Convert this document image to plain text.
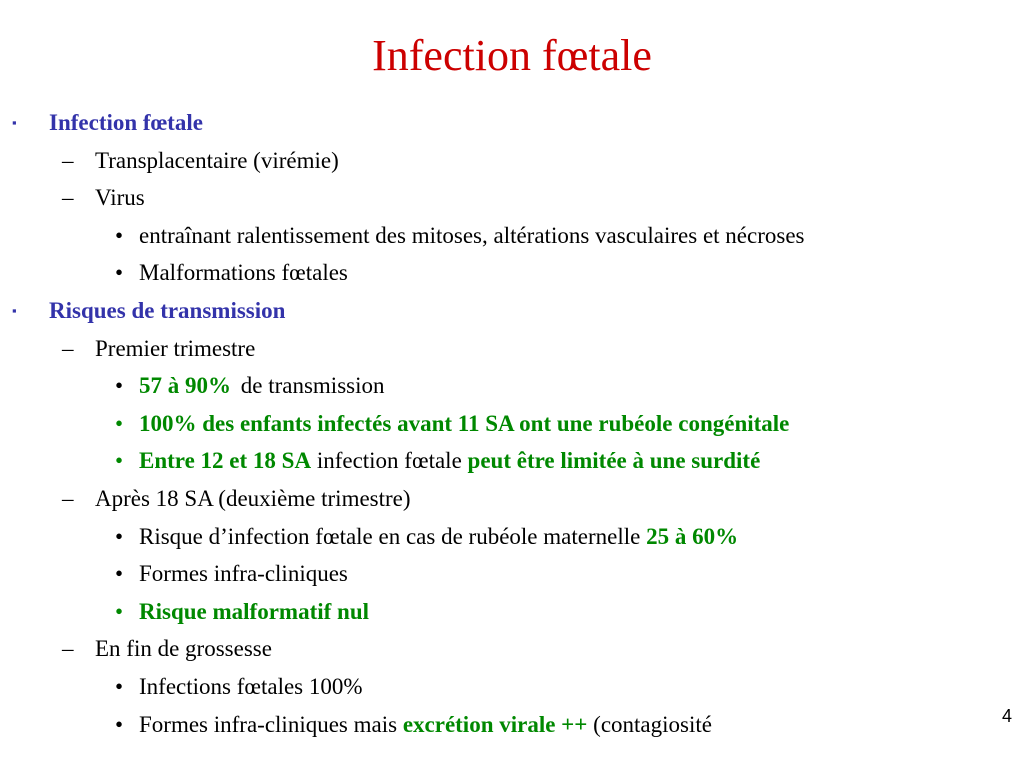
Infection fœtale
▪ Infection fœtale
– Transplacentaire (virémie)
– Virus
• entraînant ralentissement des mitoses, altérations vasculaires et nécroses
• Malformations fœtales
▪ Risques de transmission
– Premier trimestre
• 57 à 90% de transmission
• 100% des enfants infectés avant 11 SA ont une rubéole congénitale
• Entre 12 et 18 SA infection fœtale peut être limitée à une surdité
– Après 18 SA (deuxième trimestre)
• Risque d’infection fœtale en cas de rubéole maternelle 25 à 60%
• Formes infra-cliniques
• Risque malformatif nul
– En fin de grossesse
• Infections fœtales 100%
• Formes infra-cliniques mais excrétion virale ++ (contagiosité	4
